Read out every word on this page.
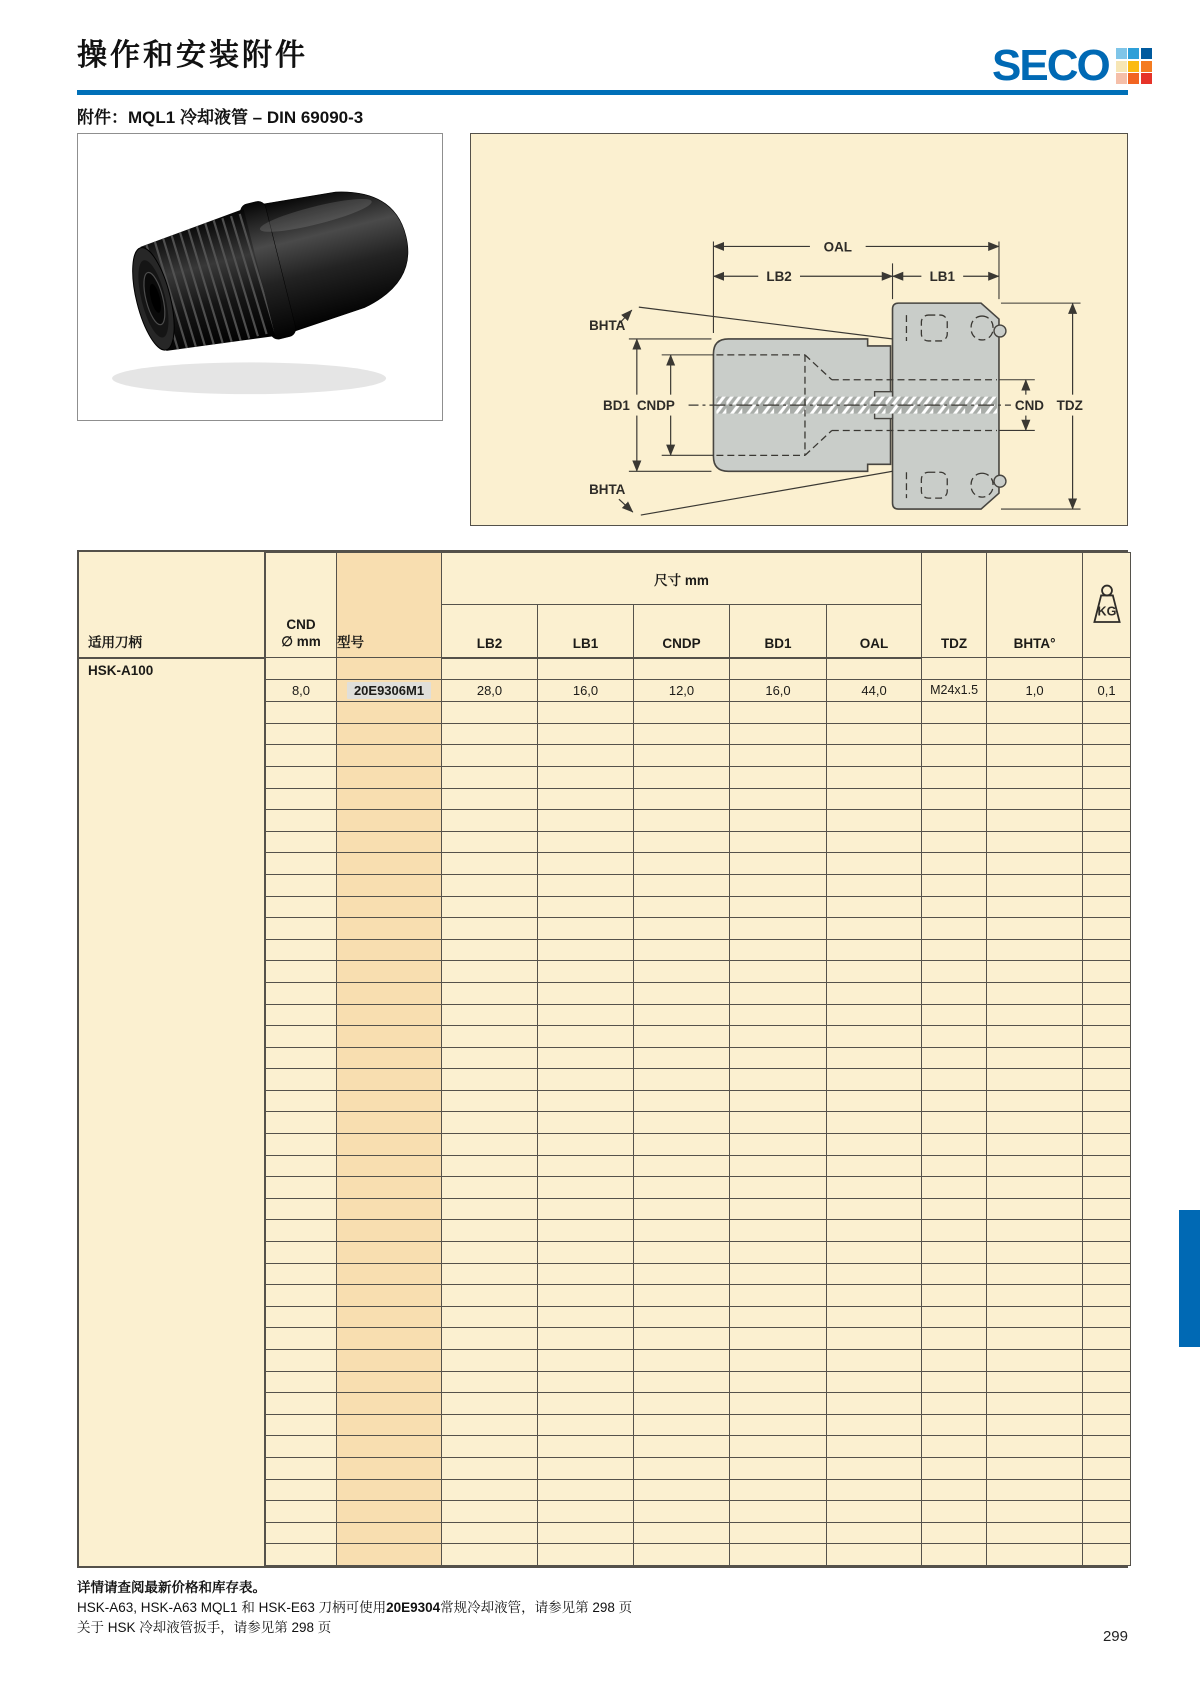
操作和安装附件	SECO
附件：MQL1 冷却液管 – DIN 69090-3
OAL
LB2	LB1
BHTA
BHTA
BD1 CNDP	CND TDZ
适用刀柄
HSK-A100
CND
∅ mm	型号	尺寸 mm					TDZ	BHTA°	KG

		LB2	LB1	CNDP	BD1	OAL			

8,0	20E9306M1	28,0	16,0	12,0	16,0	44,0	M24x1.5	1,0	0,1

详情请查阅最新价格和库存表。
HSK-A63, HSK-A63 MQL1 和 HSK-E63 刀柄可使用20E9304常规冷却液管，请参见第 298 页
关于 HSK 冷却液管扳手，请参见第 298 页
299
